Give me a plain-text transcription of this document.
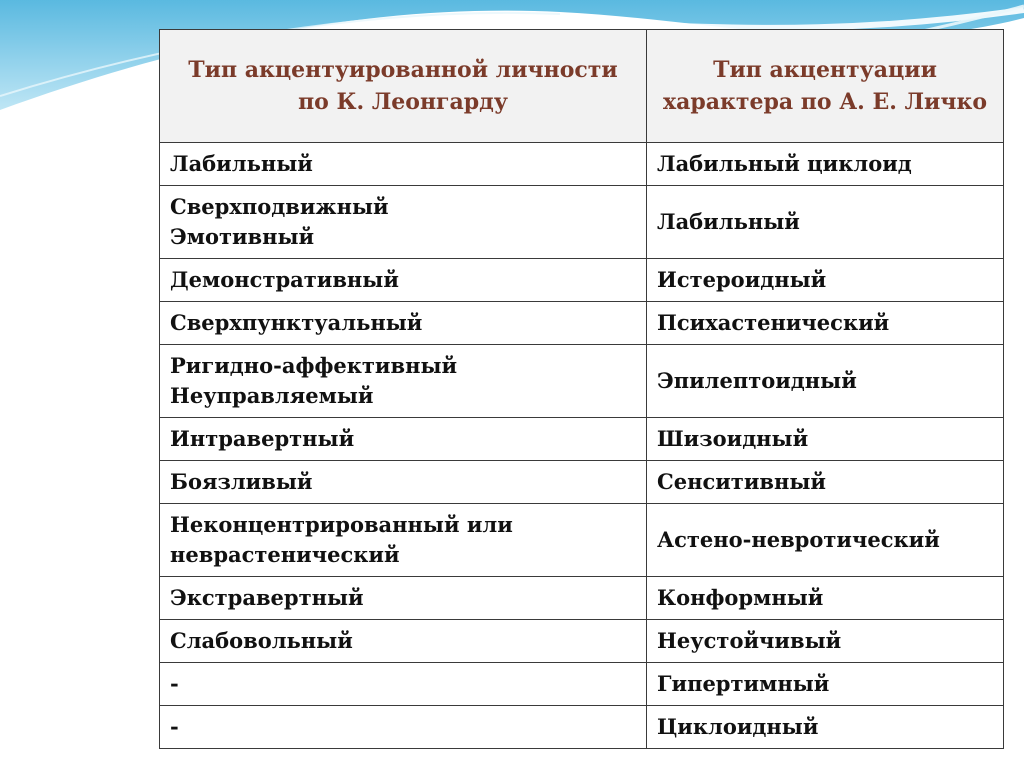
Тип акцентуированной личности по К. Леонгарду	Тип акцентуации характера по А. Е. Личко
Лабильный	Лабильный циклоид
Сверхподвижный Эмотивный	Лабильный
Демонстративный	Истероидный
Сверхпунктуальный	Психастенический
Ригидно-аффективный Неуправляемый	Эпилептоидный
Интравертный	Шизоидный
Боязливый	Сенситивный
Неконцентрированный или неврастенический	Астено-невротический
Экстравертный	Конформный
Слабовольный	Неустойчивый
-	Гипертимный
-	Циклоидный
